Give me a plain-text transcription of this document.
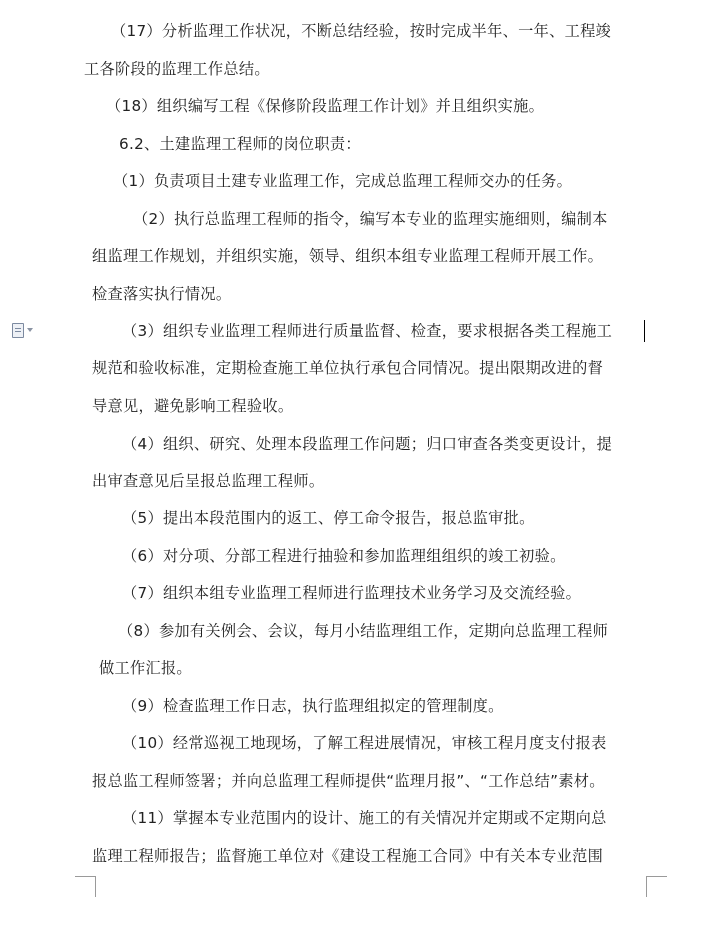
（17）分析监理工作状况，不断总结经验，按时完成半年、一年、工程竣
工各阶段的监理工作总结。
（18）组织编写工程《保修阶段监理工作计划》并且组织实施。
6.2、土建监理工程师的岗位职责：
（1）负责项目土建专业监理工作，完成总监理工程师交办的任务。
（2）执行总监理工程师的指令，编写本专业的监理实施细则，编制本
组监理工作规划，并组织实施，领导、组织本组专业监理工程师开展工作。
检查落实执行情况。
（3）组织专业监理工程师进行质量监督、检查，要求根据各类工程施工
规范和验收标准，定期检查施工单位执行承包合同情况。提出限期改进的督
导意见，避免影响工程验收。
（4）组织、研究、处理本段监理工作问题；归口审查各类变更设计，提
出审查意见后呈报总监理工程师。
（5）提出本段范围内的返工、停工命令报告，报总监审批。
（6）对分项、分部工程进行抽验和参加监理组组织的竣工初验。
（7）组织本组专业监理工程师进行监理技术业务学习及交流经验。
（8）参加有关例会、会议，每月小结监理组工作，定期向总监理工程师
做工作汇报。
（9）检查监理工作日志，执行监理组拟定的管理制度。
（10）经常巡视工地现场，了解工程进展情况，审核工程月度支付报表
报总监工程师签署；并向总监理工程师提供“监理月报”、“工作总结”素材。
（11）掌握本专业范围内的设计、施工的有关情况并定期或不定期向总
监理工程师报告；监督施工单位对《建设工程施工合同》中有关本专业范围
